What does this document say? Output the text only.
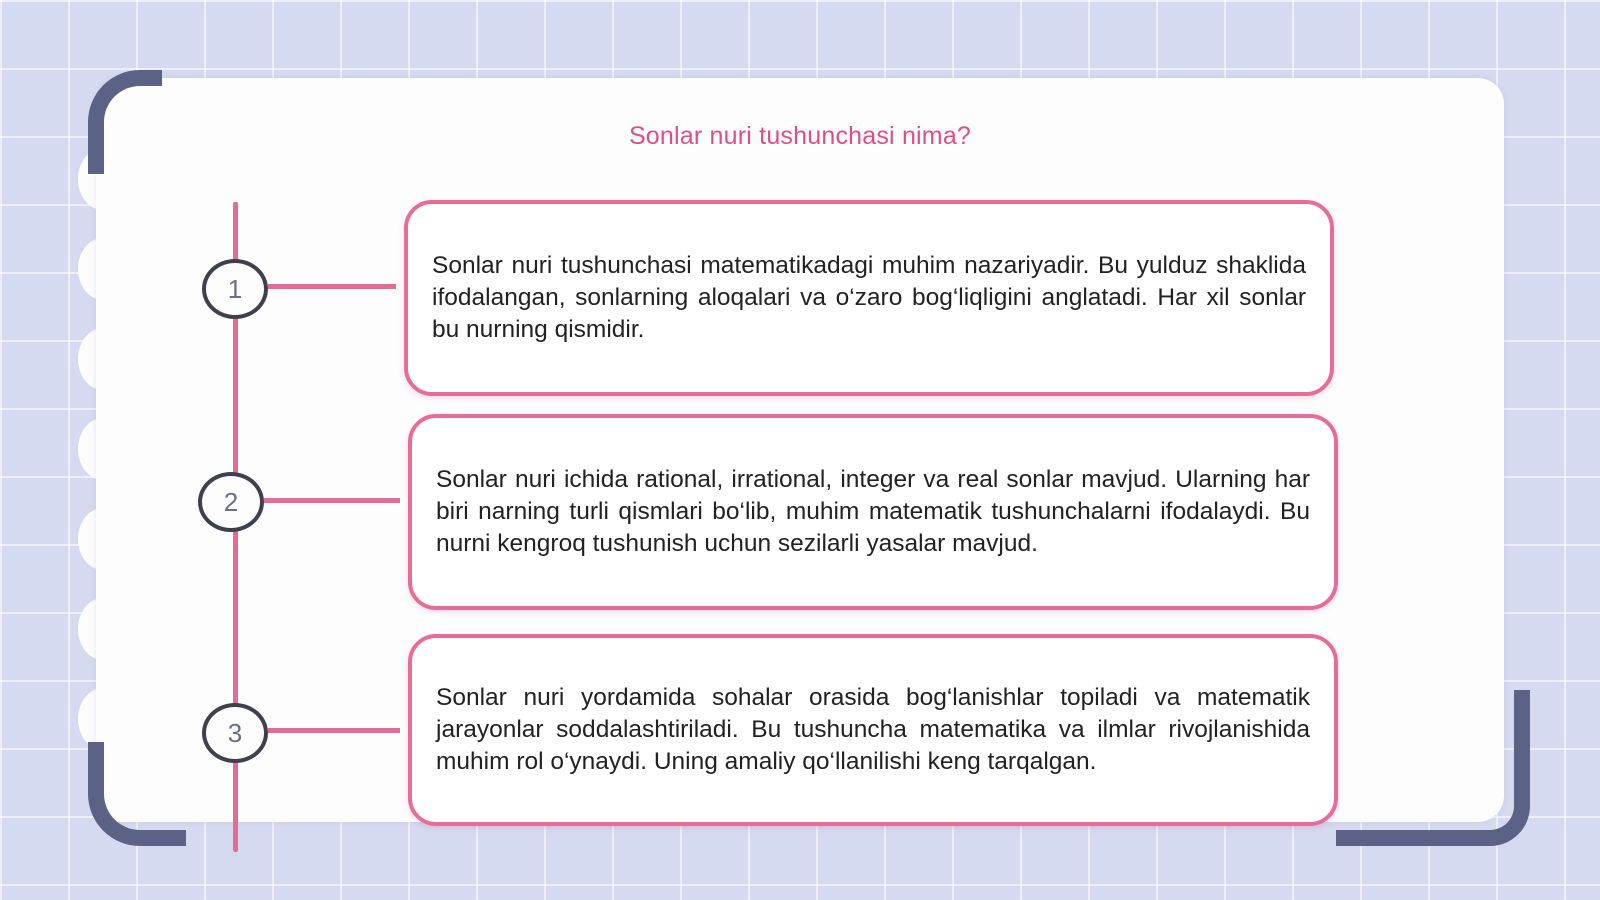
Sonlar nuri tushunchasi nima?
1

Sonlar nuri tushunchasi matematikadagi muhim nazariyadir. Bu yulduz shaklida ifodalangan, sonlarning aloqalari va o‘zaro bog‘liqligini anglatadi. Har xil sonlar bu nurning qismidir.

2

Sonlar nuri ichida rational, irrational, integer va real sonlar mavjud. Ularning har biri narning turli qismlari bo‘lib, muhim matematik tushunchalarni ifodalaydi. Bu nurni kengroq tushunish uchun sezilarli yasalar mavjud.

3

Sonlar nuri yordamida sohalar orasida bog‘lanishlar topiladi va matematik jarayonlar soddalashtiriladi. Bu tushuncha matematika va ilmlar rivojlanishida muhim rol o‘ynaydi. Uning amaliy qo‘llanilishi keng tarqalgan.
